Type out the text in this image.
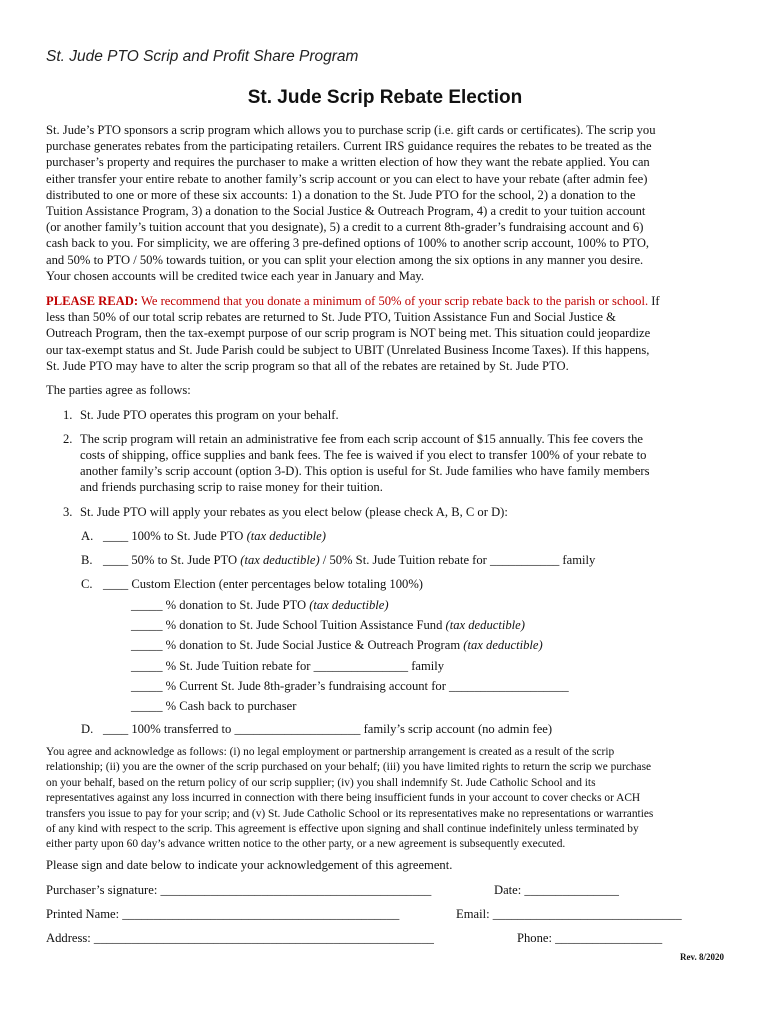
St. Jude PTO Scrip and Profit Share Program
St. Jude Scrip Rebate Election

St. Jude’s PTO sponsors a scrip program which allows you to purchase scrip (i.e. gift cards or certificates). The scrip you

purchase generates rebates from the participating retailers. Current IRS guidance requires the rebates to be treated as the

purchaser’s property and requires the purchaser to make a written election of how they want the rebate applied. You can

either transfer your entire rebate to another family’s scrip account or you can elect to have your rebate (after admin fee)

distributed to one or more of these six accounts: 1) a donation to the St. Jude PTO for the school, 2) a donation to the

Tuition Assistance Program, 3) a donation to the Social Justice & Outreach Program, 4) a credit to your tuition account

(or another family’s tuition account that you designate), 5) a credit to a current 8th-grader’s fundraising account and 6)

cash back to you. For simplicity, we are offering 3 pre-defined options of 100% to another scrip account, 100% to PTO,

and 50% to PTO / 50% towards tuition, or you can split your election among the six options in any manner you desire.

Your chosen accounts will be credited twice each year in January and May.

PLEASE READ: We recommend that you donate a minimum of 50% of your scrip rebate back to the parish or school. If
less than 50% of our total scrip rebates are returned to St. Jude PTO, Tuition Assistance Fun and Social Justice &
Outreach Program, then the tax-exempt purpose of our scrip program is NOT being met. This situation could jeopardize
our tax-exempt status and St. Jude Parish could be subject to UBIT (Unrelated Business Income Taxes). If this happens,
St. Jude PTO may have to alter the scrip program so that all of the rebates are retained by St. Jude PTO.
The parties agree as follows:
1. St. Jude PTO operates this program on your behalf.
2. The scrip program will retain an administrative fee from each scrip account of $15 annually. This fee covers the
costs of shipping, office supplies and bank fees. The fee is waived if you elect to transfer 100% of your rebate to
another family’s scrip account (option 3-D). This option is useful for St. Jude families who have family members
and friends purchasing scrip to raise money for their tuition.
3. St. Jude PTO will apply your rebates as you elect below (please check A, B, C or D):
A. ____ 100% to St. Jude PTO (tax deductible)
B. ____ 50% to St. Jude PTO (tax deductible) / 50% St. Jude Tuition rebate for ___________ family
C. ____ Custom Election (enter percentages below totaling 100%)
_____ % donation to St. Jude PTO (tax deductible)
_____ % donation to St. Jude School Tuition Assistance Fund (tax deductible)
_____ % donation to St. Jude Social Justice & Outreach Program (tax deductible)
_____ % St. Jude Tuition rebate for _______________ family
_____ % Current St. Jude 8th-grader’s fundraising account for ___________________
_____ % Cash back to purchaser
D. ____ 100% transferred to ____________________ family’s scrip account (no admin fee)
You agree and acknowledge as follows: (i) no legal employment or partnership arrangement is created as a result of the scrip
relationship; (ii) you are the owner of the scrip purchased on your behalf; (iii) you have limited rights to return the scrip we purchase
on your behalf, based on the return policy of our scrip supplier; (iv) you shall indemnify St. Jude Catholic School and its
representatives against any loss incurred in connection with there being insufficient funds in your account to cover checks or ACH
transfers you issue to pay for your scrip; and (v) St. Jude Catholic School or its representatives make no representations or warranties
of any kind with respect to the scrip. This agreement is effective upon signing and shall continue indefinitely unless terminated by
either party upon 60 day’s advance written notice to the other party, or a new agreement is subsequently executed.
Please sign and date below to indicate your acknowledgement of this agreement.
Purchaser’s signature: ___________________________________________	Date: _______________
Printed Name: ____________________________________________	Email: ______________________________
Address: ______________________________________________________	Phone: _________________
Rev. 8/2020
